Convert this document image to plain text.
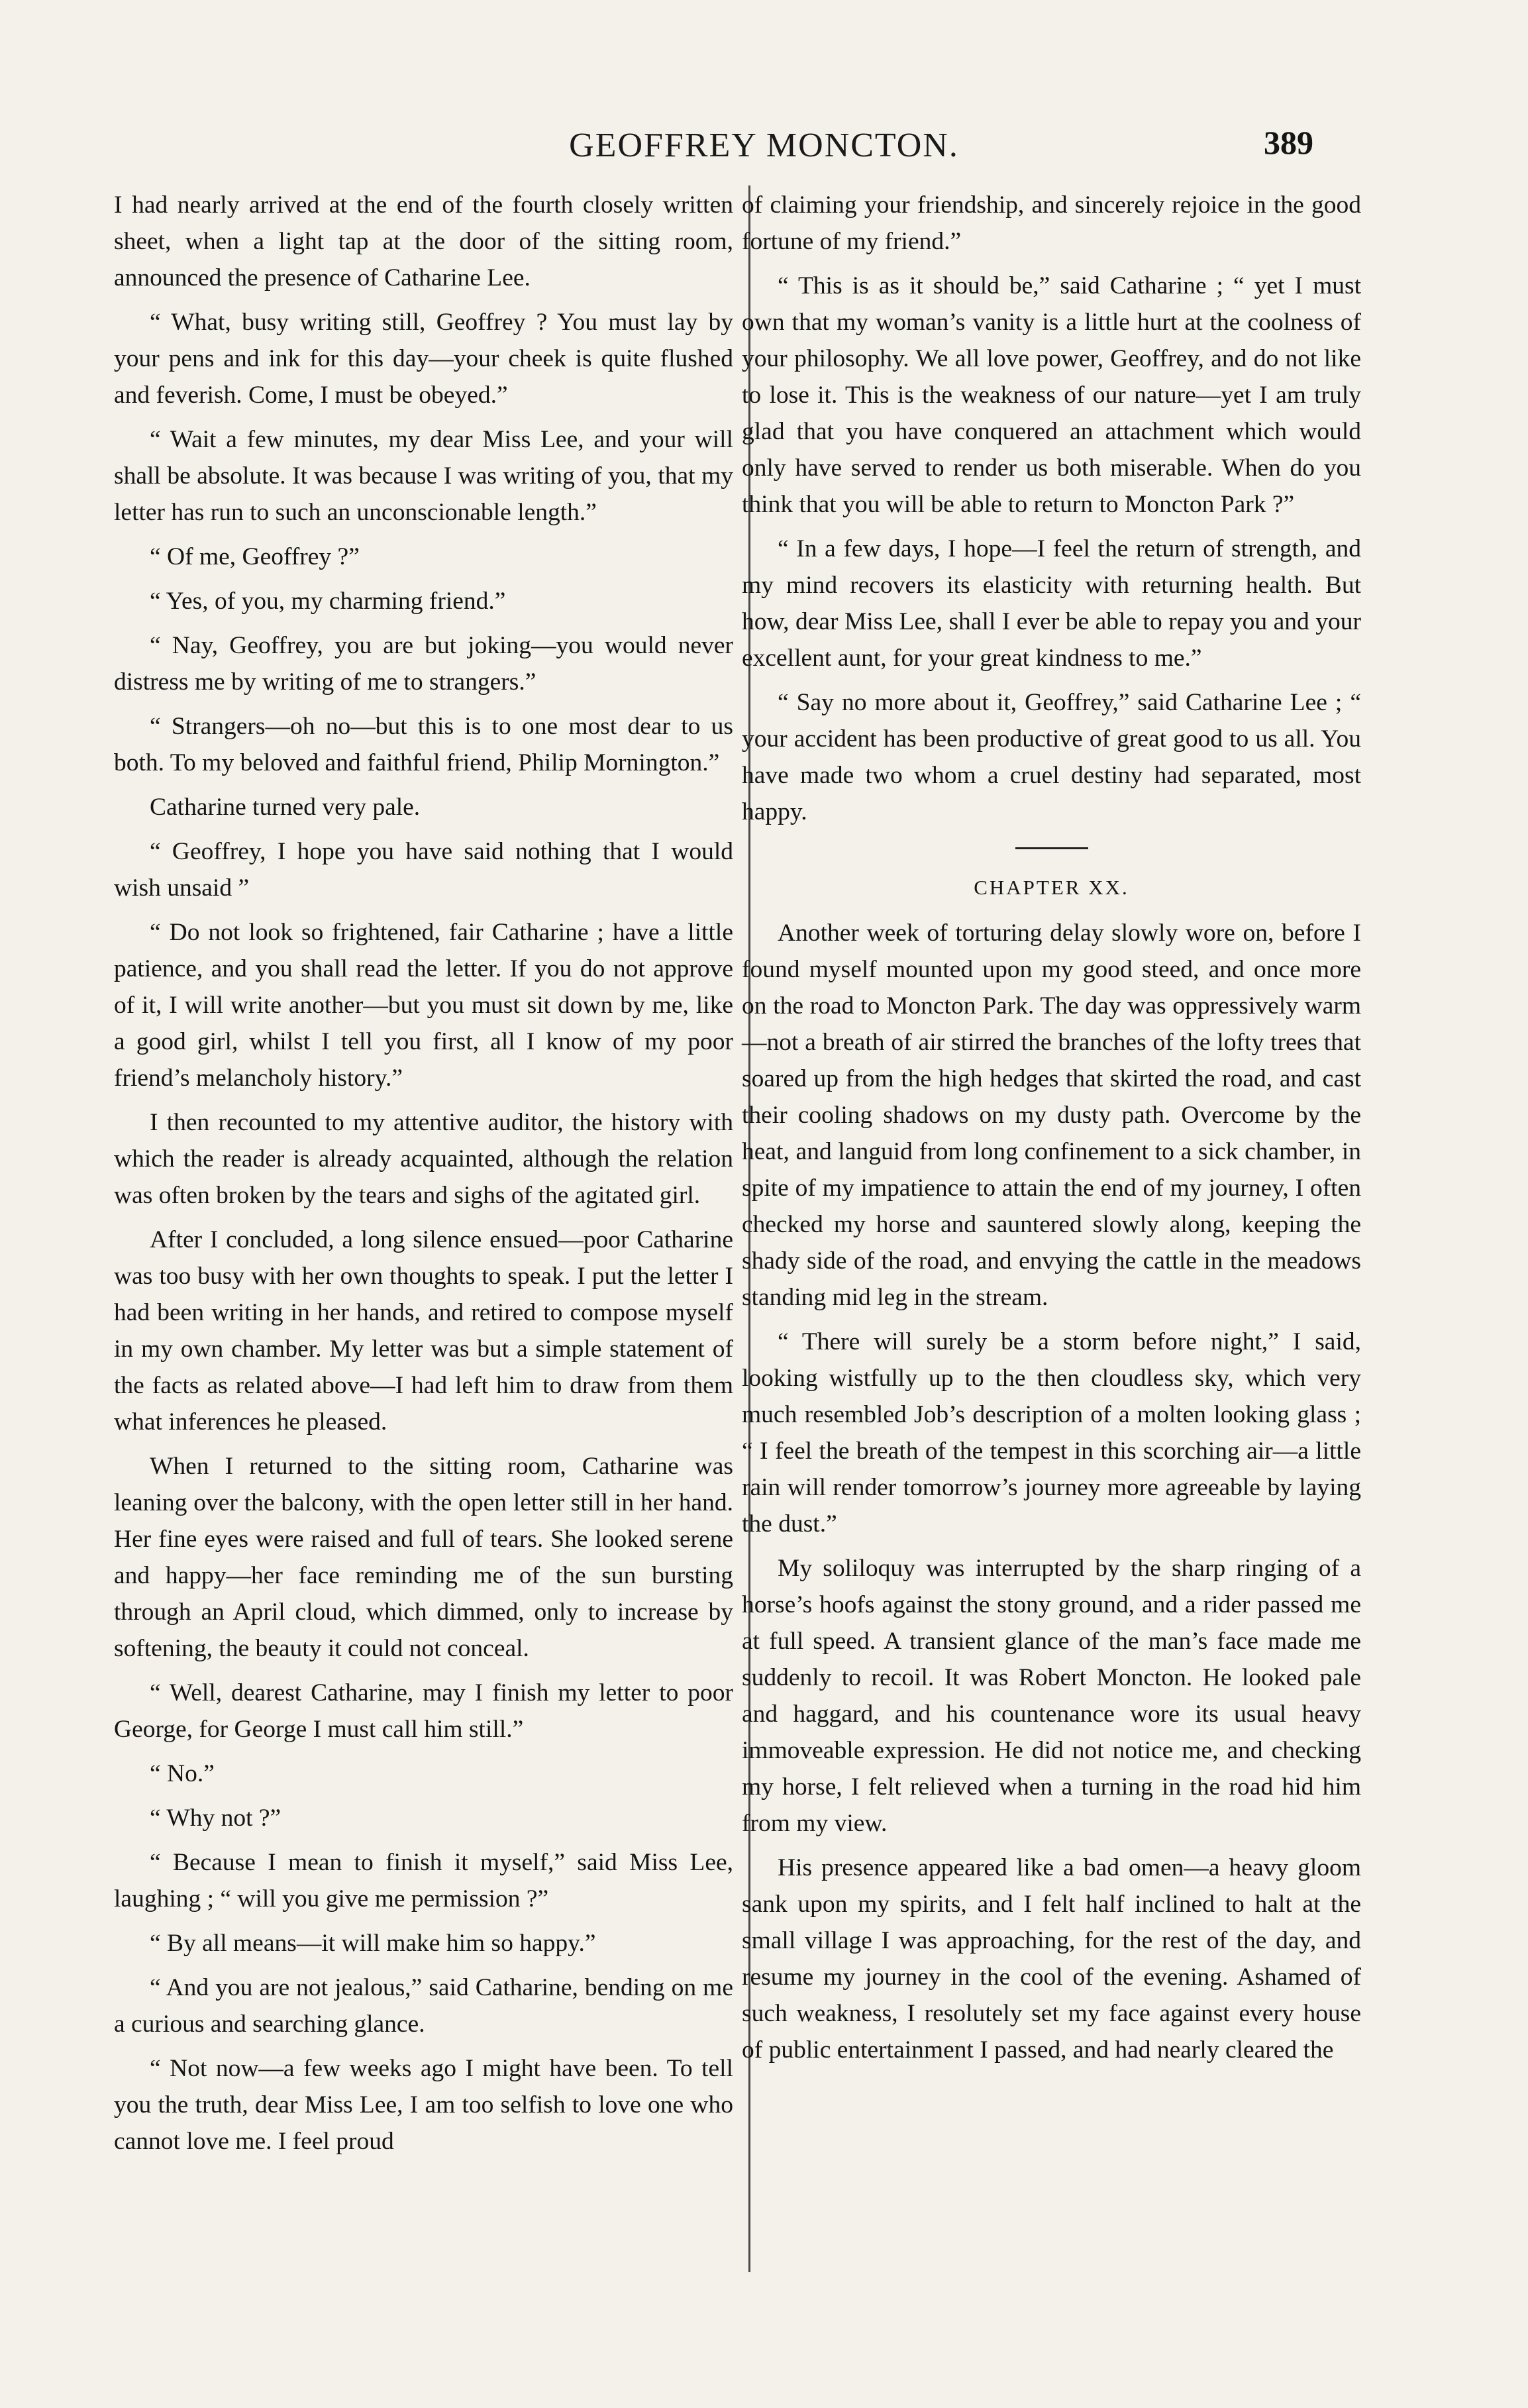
GEOFFREY MONCTON.	389

I had nearly arrived at the end of the fourth closely written sheet, when a light tap at the door of the sitting room, announced the presence of Catharine Lee.

“ What, busy writing still, Geoffrey ? You must lay by your pens and ink for this day—your cheek is quite flushed and feverish. Come, I must be obeyed.”

“ Wait a few minutes, my dear Miss Lee, and your will shall be absolute. It was because I was writing of you, that my letter has run to such an unconscionable length.”

“ Of me, Geoffrey ?”

“ Yes, of you, my charming friend.”

“ Nay, Geoffrey, you are but joking—you would never distress me by writing of me to strangers.”

“ Strangers—oh no—but this is to one most dear to us both. To my beloved and faithful friend, Philip Mornington.”

Catharine turned very pale.

“ Geoffrey, I hope you have said nothing that I would wish unsaid ”

“ Do not look so frightened, fair Catharine ; have a little patience, and you shall read the letter. If you do not approve of it, I will write another—but you must sit down by me, like a good girl, whilst I tell you first, all I know of my poor friend’s melancholy history.”

I then recounted to my attentive auditor, the history with which the reader is already acquainted, although the relation was often broken by the tears and sighs of the agitated girl.

After I concluded, a long silence ensued—poor Catharine was too busy with her own thoughts to speak. I put the letter I had been writing in her hands, and retired to compose myself in my own chamber. My letter was but a simple statement of the facts as related above—I had left him to draw from them what inferences he pleased.

When I returned to the sitting room, Catharine was leaning over the balcony, with the open letter still in her hand. Her fine eyes were raised and full of tears. She looked serene and happy—her face reminding me of the sun bursting through an April cloud, which dimmed, only to increase by softening, the beauty it could not conceal.

“ Well, dearest Catharine, may I finish my letter to poor George, for George I must call him still.”

“ No.”

“ Why not ?”

“ Because I mean to finish it myself,” said Miss Lee, laughing ; “ will you give me permission ?”

“ By all means—it will make him so happy.”

“ And you are not jealous,” said Catharine, bending on me a curious and searching glance.

“ Not now—a few weeks ago I might have been. To tell you the truth, dear Miss Lee, I am too selfish to love one who cannot love me. I feel proud

of claiming your friendship, and sincerely rejoice in the good fortune of my friend.”

“ This is as it should be,” said Catharine ; “ yet I must own that my woman’s vanity is a little hurt at the coolness of your philosophy. We all love power, Geoffrey, and do not like to lose it. This is the weakness of our nature—yet I am truly glad that you have conquered an attachment which would only have served to render us both miserable. When do you think that you will be able to return to Moncton Park ?”

“ In a few days, I hope—I feel the return of strength, and my mind recovers its elasticity with returning health. But how, dear Miss Lee, shall I ever be able to repay you and your excellent aunt, for your great kindness to me.”

“ Say no more about it, Geoffrey,” said Catharine Lee ; “ your accident has been productive of great good to us all. You have made two whom a cruel destiny had separated, most happy.

CHAPTER XX.

Another week of torturing delay slowly wore on, before I found myself mounted upon my good steed, and once more on the road to Moncton Park. The day was oppressively warm—not a breath of air stirred the branches of the lofty trees that soared up from the high hedges that skirted the road, and cast their cooling shadows on my dusty path. Overcome by the heat, and languid from long confinement to a sick chamber, in spite of my impatience to attain the end of my journey, I often checked my horse and sauntered slowly along, keeping the shady side of the road, and envying the cattle in the meadows standing mid leg in the stream.

“ There will surely be a storm before night,” I said, looking wistfully up to the then cloudless sky, which very much resembled Job’s description of a molten looking glass ; “ I feel the breath of the tempest in this scorching air—a little rain will render tomorrow’s journey more agreeable by laying the dust.”

My soliloquy was interrupted by the sharp ringing of a horse’s hoofs against the stony ground, and a rider passed me at full speed. A transient glance of the man’s face made me suddenly to recoil. It was Robert Moncton. He looked pale and haggard, and his countenance wore its usual heavy immoveable expression. He did not notice me, and checking my horse, I felt relieved when a turning in the road hid him from my view.

His presence appeared like a bad omen—a heavy gloom sank upon my spirits, and I felt half inclined to halt at the small village I was approaching, for the rest of the day, and resume my journey in the cool of the evening. Ashamed of such weakness, I resolutely set my face against every house of public entertainment I passed, and had nearly cleared the
